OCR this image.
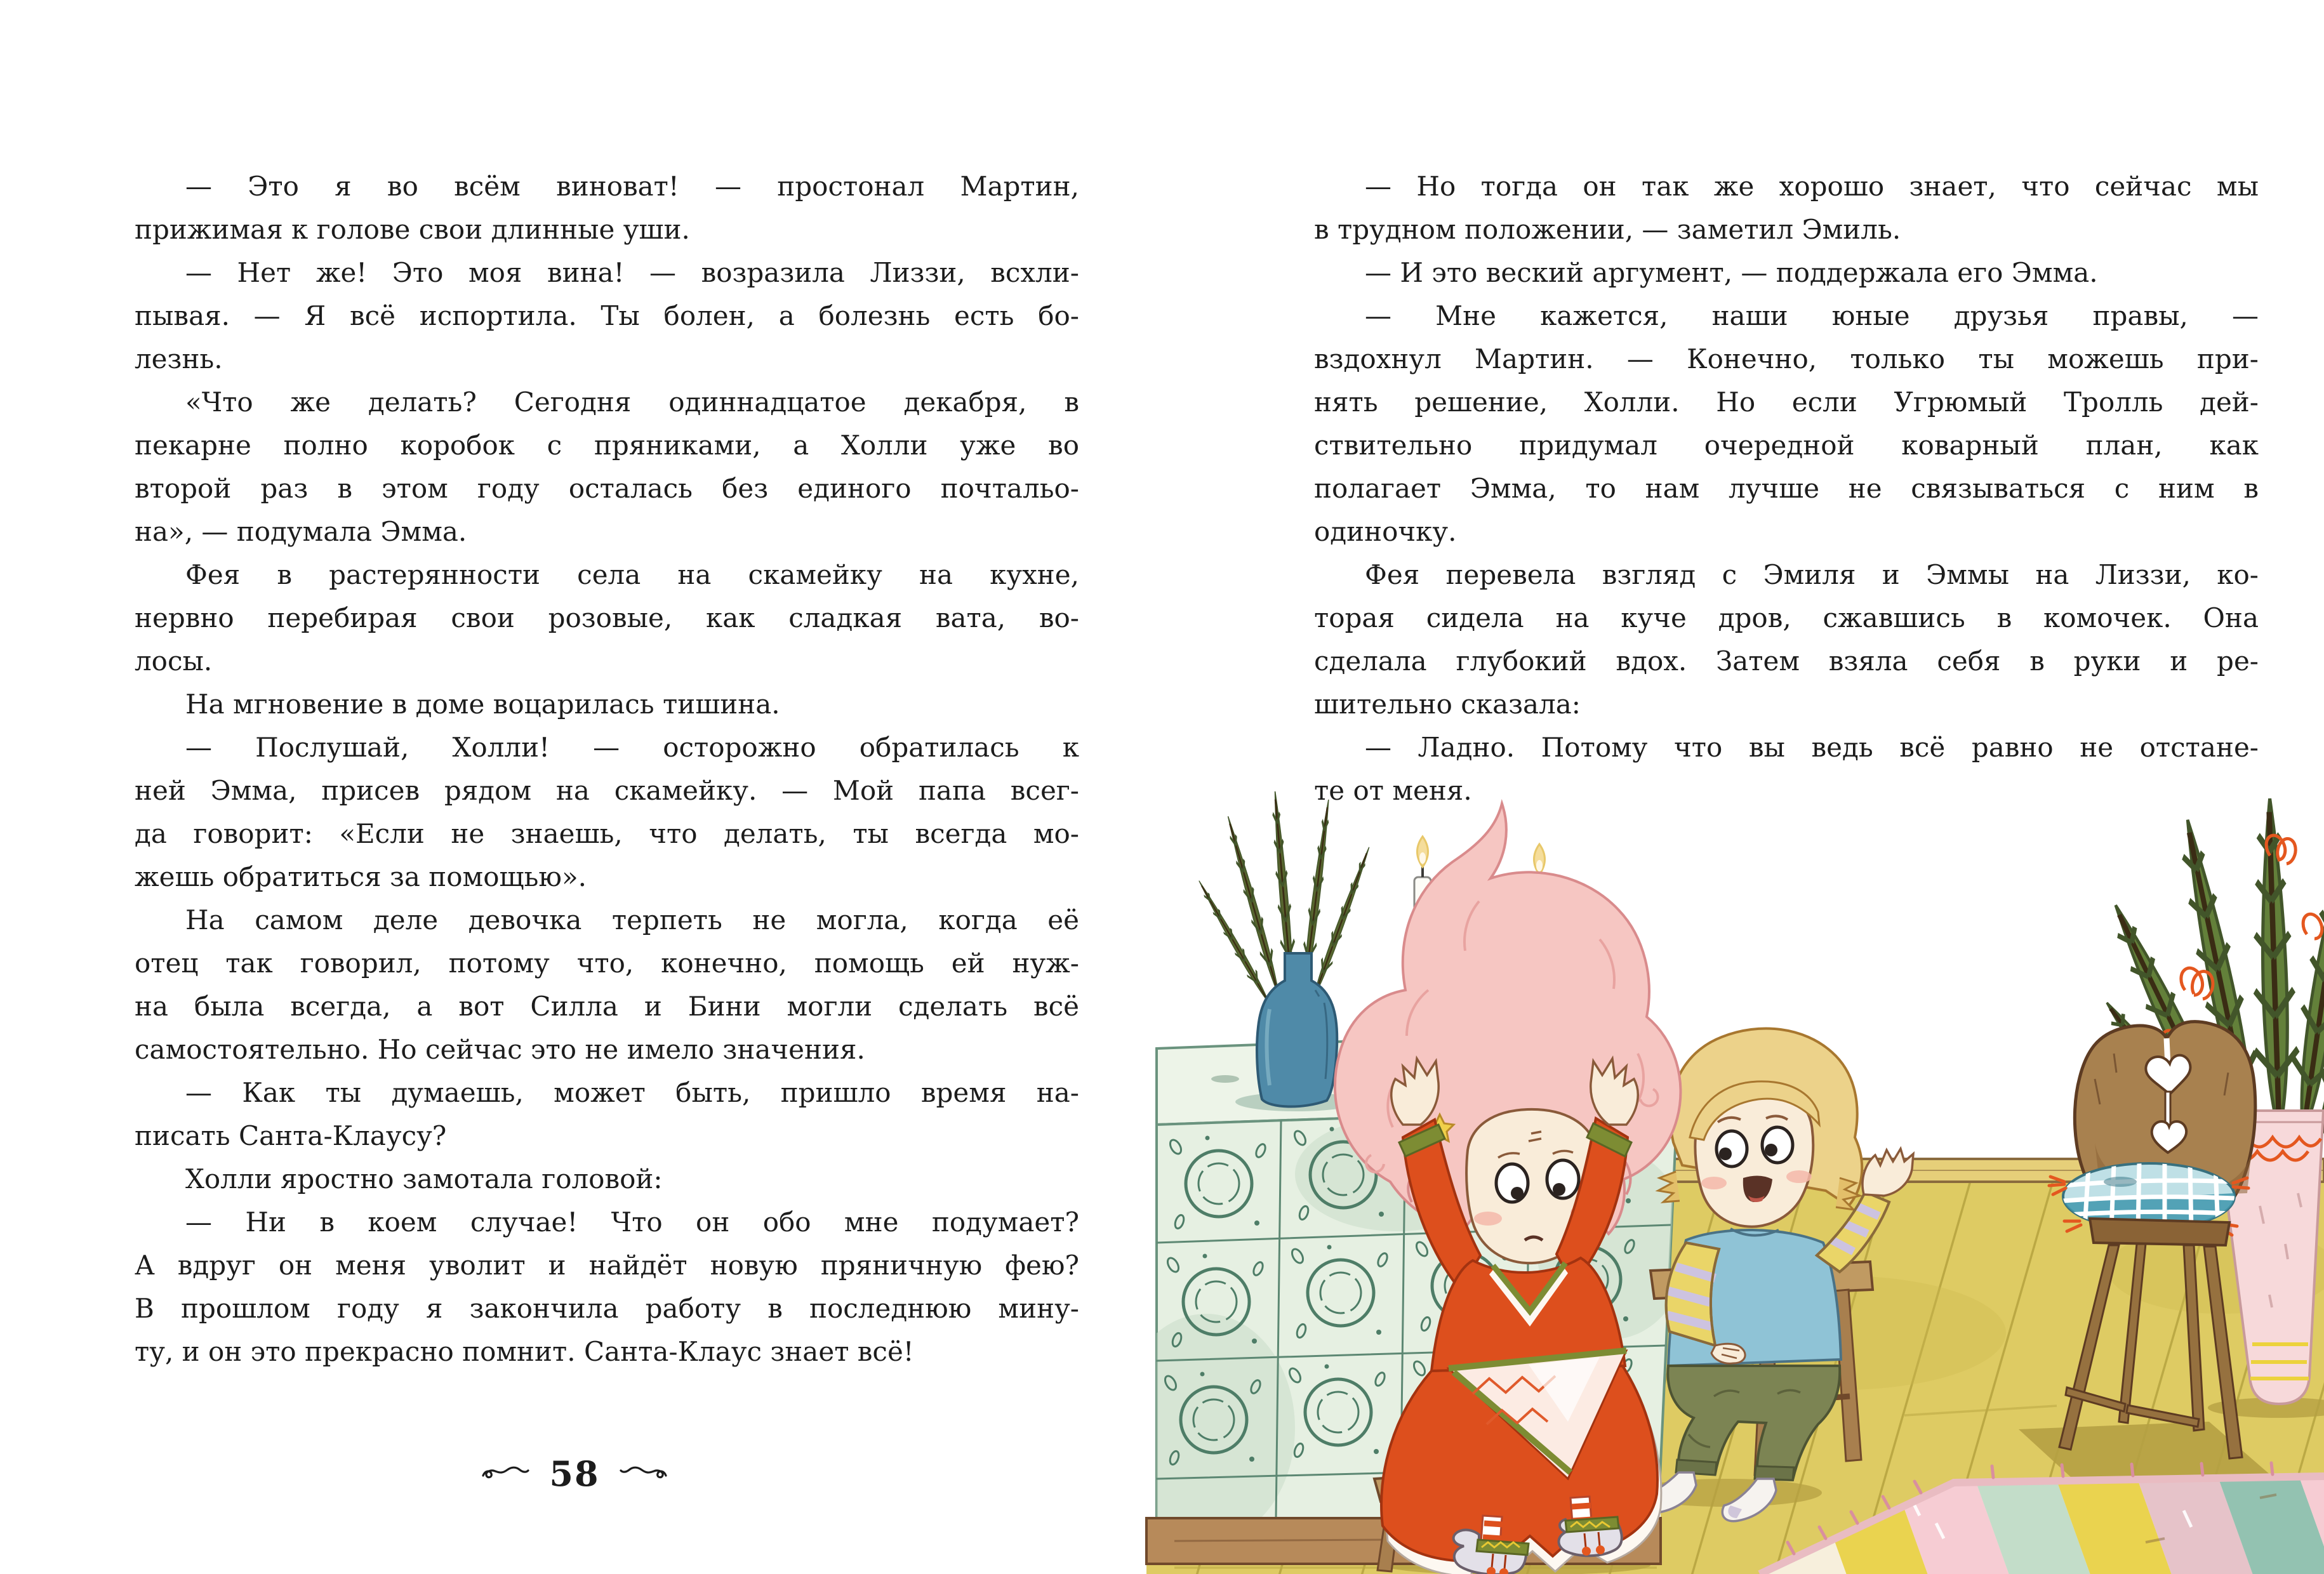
— Это я во всём виноват! — простонал Мартин,
прижимая к голове свои длинные уши.
— Нет же! Это моя вина! — возразила Лиззи, всхли-
пывая. — Я всё испортила. Ты болен, а болезнь есть бо-
лезнь.
«Что же делать? Сегодня одиннадцатое декабря, в
пекарне полно коробок с пряниками, а Холли уже во
второй раз в этом году осталась без единого почтальо-
на», — подумала Эмма.
Фея в растерянности села на скамейку на кухне,
нервно перебирая свои розовые, как сладкая вата, во-
лосы.
На мгновение в доме воцарилась тишина.
— Послушай, Холли! — осторожно обратилась к
ней Эмма, присев рядом на скамейку. — Мой папа всег-
да говорит: «Если не знаешь, что делать, ты всегда мо-
жешь обратиться за помощью».
На самом деле девочка терпеть не могла, когда её
отец так говорил, потому что, конечно, помощь ей нуж-
на была всегда, а вот Силла и Бини могли сделать всё
самостоятельно. Но сейчас это не имело значения.
— Как ты думаешь, может быть, пришло время на-
писать Санта-Клаусу?
Холли яростно замотала головой:
— Ни в коем случае! Что он обо мне подумает?
А вдруг он меня уволит и найдёт новую пряничную фею?
В прошлом году я закончила работу в последнюю мину-
ту, и он это прекрасно помнит. Санта-Клаус знает всё!
— Но тогда он так же хорошо знает, что сейчас мы
в трудном положении, — заметил Эмиль.
— И это веский аргумент, — поддержала его Эмма.
— Мне кажется, наши юные друзья правы, —
вздохнул Мартин. — Конечно, только ты можешь при-
нять решение, Холли. Но если Угрюмый Тролль дей-
ствительно придумал очередной коварный план, как
полагает Эмма, то нам лучше не связываться с ним в
одиночку.
Фея перевела взгляд с Эмиля и Эммы на Лиззи, ко-
торая сидела на куче дров, сжавшись в комочек. Она
сделала глубокий вдох. Затем взяла себя в руки и ре-
шительно сказала:
— Ладно. Потому что вы ведь всё равно не отстане-
те от меня.
58
